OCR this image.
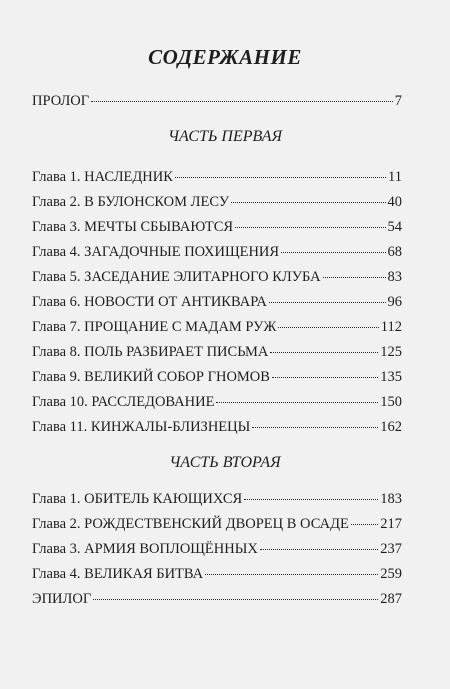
СОДЕРЖАНИЕ
ПРОЛОГ	7
ЧАСТЬ ПЕРВАЯ
Глава 1. НАСЛЕДНИК	11
Глава 2. В БУЛОНСКОМ ЛЕСУ	40
Глава 3. МЕЧТЫ СБЫВАЮТСЯ	54
Глава 4. ЗАГАДОЧНЫЕ ПОХИЩЕНИЯ	68
Глава 5. ЗАСЕДАНИЕ ЭЛИТАРНОГО КЛУБА	83
Глава 6. НОВОСТИ ОТ АНТИКВАРА	96
Глава 7. ПРОЩАНИЕ С МАДАМ РУЖ	112
Глава 8. ПОЛЬ РАЗБИРАЕТ ПИСЬМА	125
Глава 9. ВЕЛИКИЙ СОБОР ГНОМОВ	135
Глава 10. РАССЛЕДОВАНИЕ	150
Глава 11. КИНЖАЛЫ-БЛИЗНЕЦЫ	162
ЧАСТЬ ВТОРАЯ
Глава 1. ОБИТЕЛЬ КАЮЩИХСЯ	183
Глава 2. РОЖДЕСТВЕНСКИЙ ДВОРЕЦ В ОСАДЕ 217
Глава 3. АРМИЯ ВОПЛОЩЁННЫХ	237
Глава 4. ВЕЛИКАЯ БИТВА	259
ЭПИЛОГ	287
